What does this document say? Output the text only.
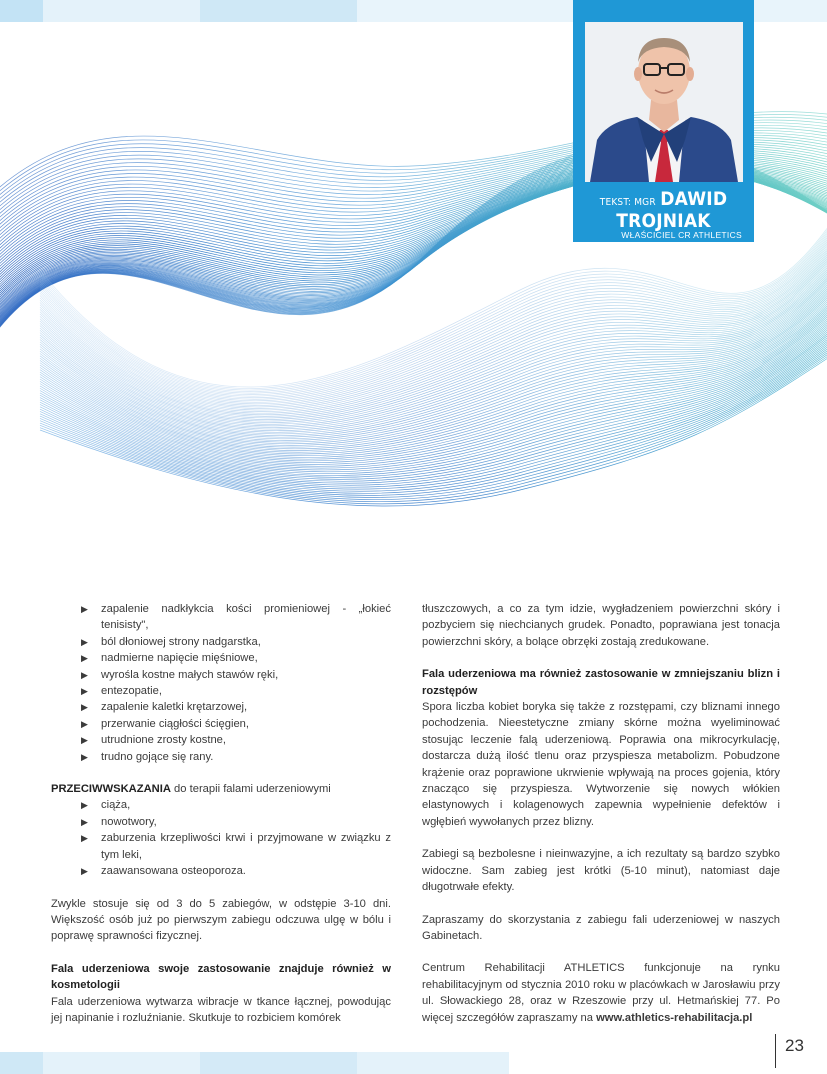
TEKST: MGR DAWID TROJNIAK
WŁAŚCICIEL CR ATHLETICS
▶ zapalenie nadkłykcia kości promieniowej - „łokieć tenisisty",
▶ ból dłoniowej strony nadgarstka,
▶ nadmierne napięcie mięśniowe,
▶ wyrośla kostne małych stawów ręki,
▶ entezopatie,
▶ zapalenie kaletki krętarzowej,
▶ przerwanie ciągłości ścięgien,
▶ utrudnione zrosty kostne,
▶ trudno gojące się rany.
PRZECIWWSKAZANIA do terapii falami uderzeniowymi
▶ ciąża,
▶ nowotwory,
▶ zaburzenia krzepliwości krwi i przyjmowane w związku z tym leki,
▶ zaawansowana osteoporoza.
Zwykle stosuje się od 3 do 5 zabiegów, w odstępie 3-10 dni. Większość osób już po pierwszym zabiegu odczuwa ulgę w bólu i poprawę sprawności fizycznej.
Fala uderzeniowa swoje zastosowanie znajduje również w kosmetologii
Fala uderzeniowa wytwarza wibracje w tkance łącznej, powodując jej napinanie i rozluźnianie. Skutkuje to rozbiciem komórek
tłuszczowych, a co za tym idzie, wygładzeniem powierzchni skóry i pozbyciem się niechcianych grudek. Ponadto, poprawiana jest tonacja powierzchni skóry, a bolące obrzęki zostają zredukowane.
Fala uderzeniowa ma również zastosowanie w zmniejszaniu blizn i rozstępów
Spora liczba kobiet boryka się także z rozstępami, czy bliznami innego pochodzenia. Nieestetyczne zmiany skórne można wyeliminować stosując leczenie falą uderzeniową. Poprawia ona mikrocyrkulację, dostarcza dużą ilość tlenu oraz przyspiesza metabolizm. Pobudzone krążenie oraz poprawione ukrwienie wpływają na proces gojenia, który znacząco się przyspiesza. Wytworzenie się nowych włókien elastynowych i kolagenowych zapewnia wypełnienie defektów i wgłębień wywołanych przez blizny.
Zabiegi są bezbolesne i nieinwazyjne, a ich rezultaty są bardzo szybko widoczne. Sam zabieg jest krótki (5-10 minut), natomiast daje długotrwałe efekty.
Zapraszamy do skorzystania z zabiegu fali uderzeniowej w naszych Gabinetach.
Centrum Rehabilitacji ATHLETICS funkcjonuje na rynku rehabilitacyjnym od stycznia 2010 roku w placówkach w Jarosławiu przy ul. Słowackiego 28, oraz w Rzeszowie przy ul. Hetmańskiej 77. Po więcej szczegółów zapraszamy na www.athletics-rehabilitacja.pl
23
